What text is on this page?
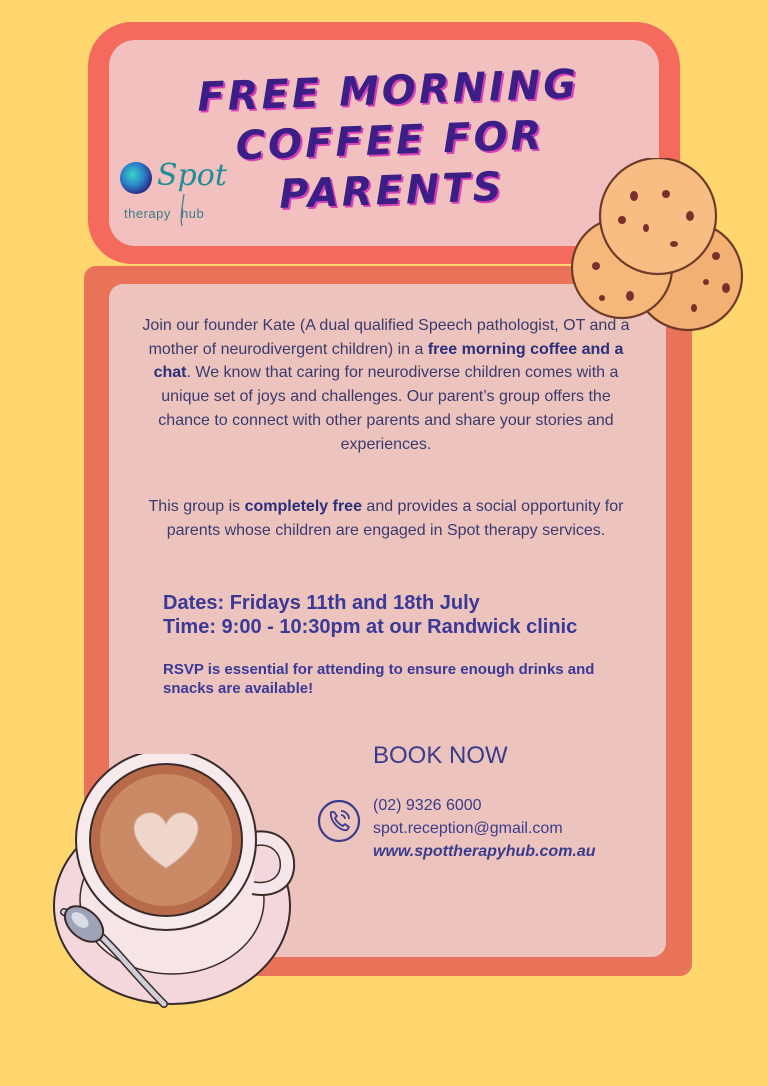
FREE MORNING
COFFEE FOR
PARENTS
Spot
therapy hub
Join our founder Kate (A dual qualified Speech pathologist, OT and a mother of neurodivergent children) in a free morning coffee and a chat. We know that caring for neurodiverse children comes with a unique set of joys and challenges. Our parent’s group offers the chance to connect with other parents and share your stories and experiences.
This group is completely free and provides a social opportunity for parents whose children are engaged in Spot therapy services.
Dates: Fridays 11th and 18th July
Time: 9:00 - 10:30pm at our Randwick clinic
RSVP is essential for attending to ensure enough drinks and snacks are available!
BOOK NOW
(02) 9326 6000
spot.reception@gmail.com
www.spottherapyhub.com.au
